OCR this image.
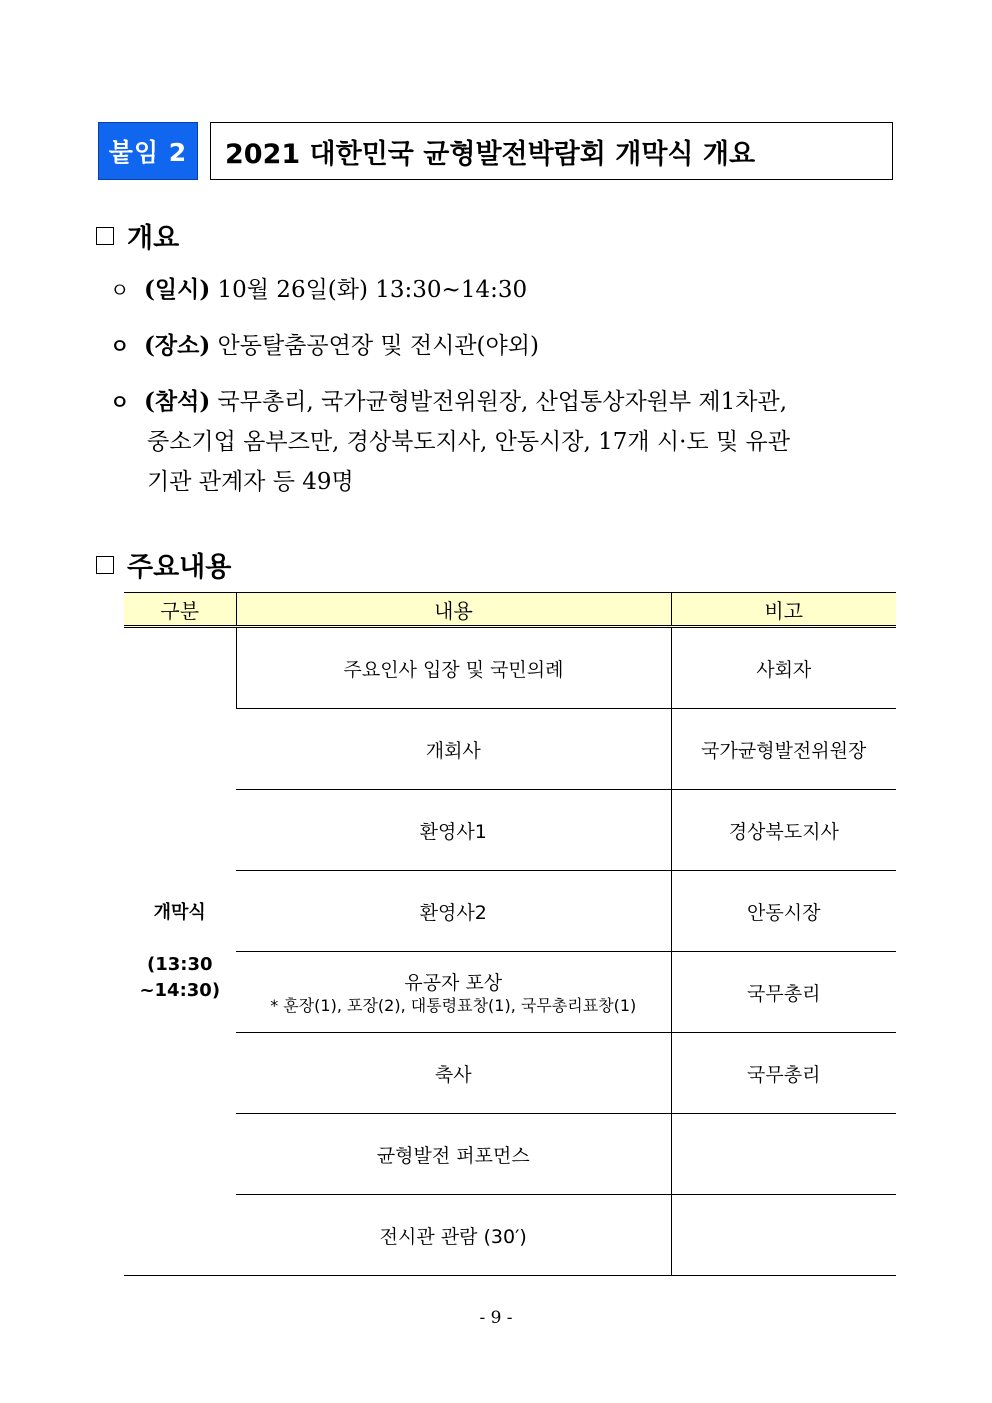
붙임 2	2021 대한민국 균형발전박람회 개막식 개요
개요
ㅇ (일시) 10월 26일(화) 13:30~14:30
ㅇ (장소) 안동탈춤공연장 및 전시관(야외)
ㅇ (참석) 국무총리, 국가균형발전위원장, 산업통상자원부 제1차관,
중소기업 옴부즈만, 경상북도지사, 안동시장, 17개 시·도 및 유관
기관 관계자 등 49명
주요내용
구분	내용	비고

개막식
(13:30
~14:30)	주요인사 입장 및 국민의례	사회자
	개회사	국가균형발전위원장
	환영사1	경상북도지사
	환영사2	안동시장

	유공자 포상
* 훈장(1), 포장(2), 대통령표창(1), 국무총리표창(1)	국무총리
	축사	국무총리
	균형발전 퍼포먼스	
	전시관 관람 (30′)	
- 9 -
